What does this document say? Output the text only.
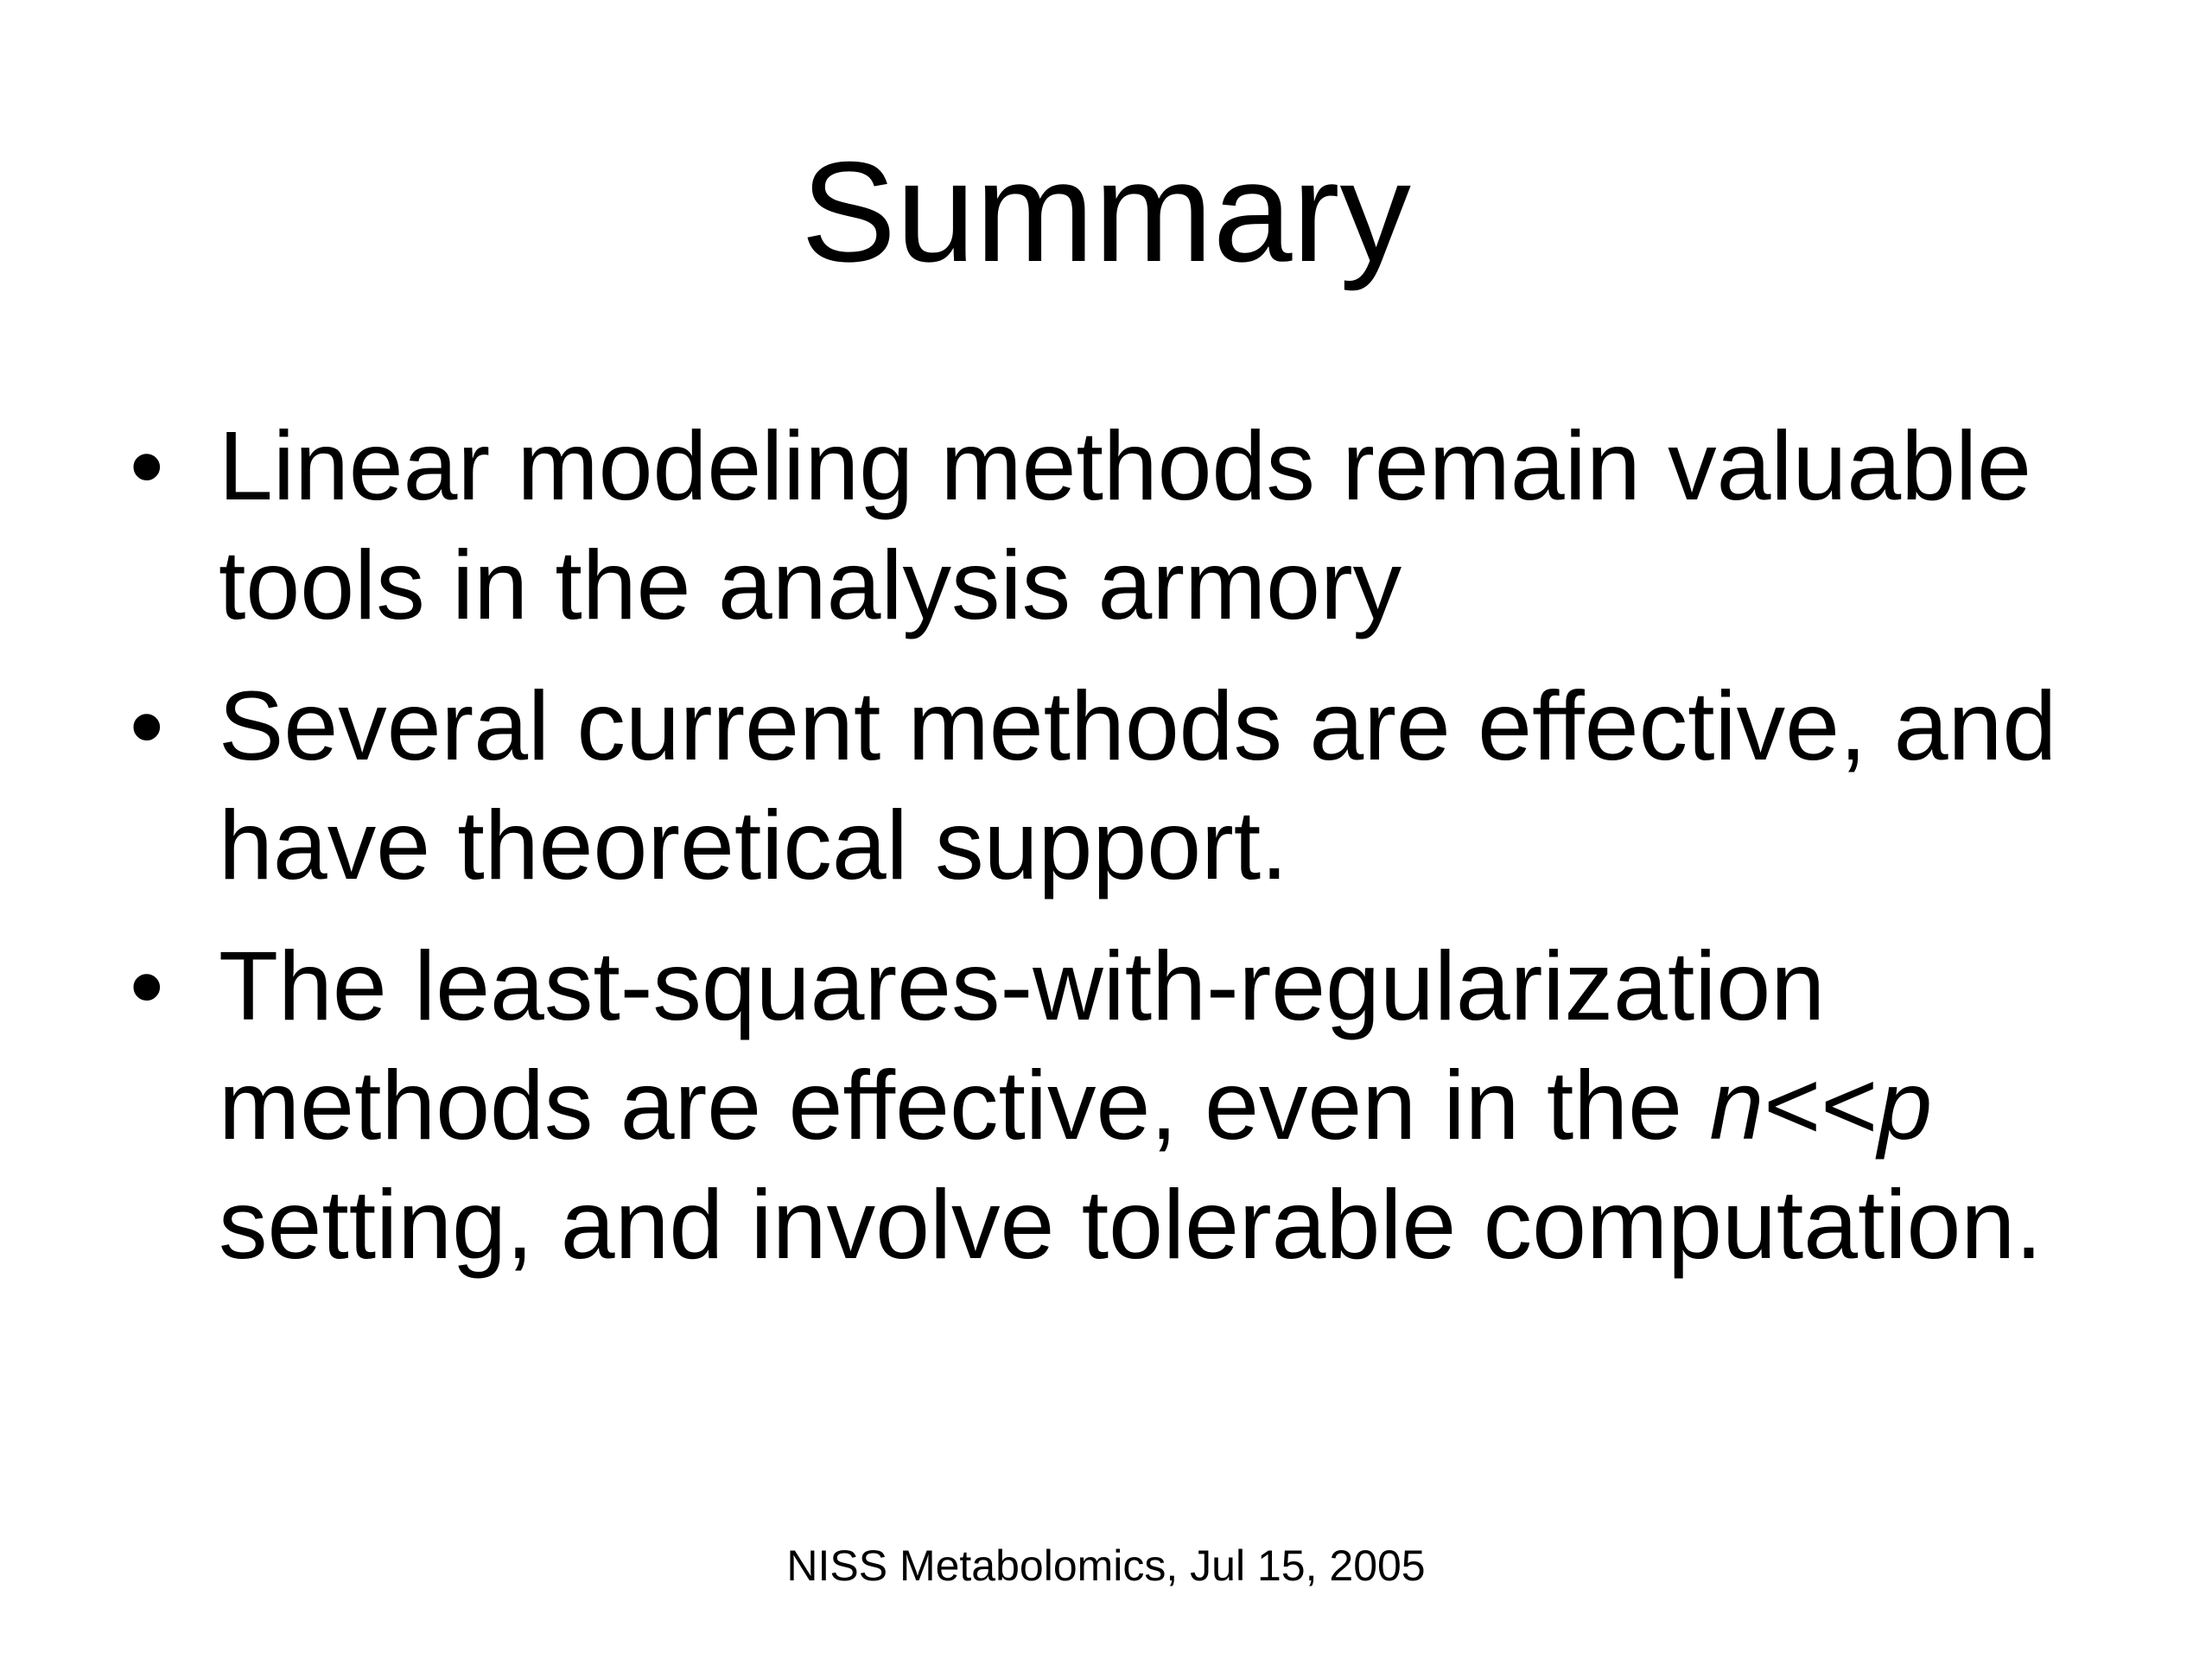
Summary
• Linear modeling methods remain valuable tools in the analysis armory
• Several current methods are effective, and have theoretical support.
• The least-squares-with-regularization methods are effective, even in the n<<p setting, and involve tolerable computation.
NISS Metabolomics, Jul 15, 2005
